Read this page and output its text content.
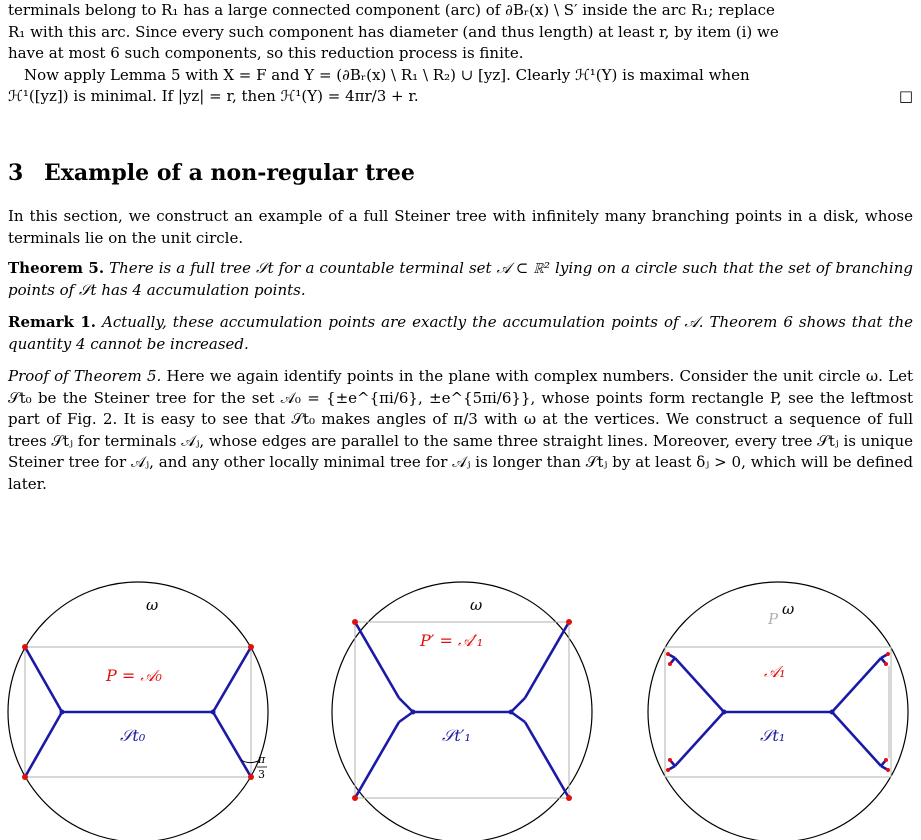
terminals belong to R₁ has a large connected component (arc) of ∂Bᵣ(x) \ S′ inside the arc R₁; replace

R₁ with this arc. Since every such component has diameter (and thus length) at least r, by item (i) we

have at most 6 such components, so this reduction process is finite.

Now apply Lemma 5 with X = F and Y = (∂Bᵣ(x) \ R₁ \ R₂) ∪ [yz]. Clearly ℋ¹(Y) is maximal when

ℋ¹([yz]) is minimal. If |yz| = r, then ℋ¹(Y) = 4πr/3 + r.	□

3 Example of a non-regular tree

In this section, we construct an example of a full Steiner tree with infinitely many branching points in a disk, whose terminals lie on the unit circle.

Theorem 5. There is a full tree 𝒮t for a countable terminal set 𝒜 ⊂ ℝ² lying on a circle such that the set of branching points of 𝒮t has 4 accumulation points.

Remark 1. Actually, these accumulation points are exactly the accumulation points of 𝒜. Theorem 6 shows that the quantity 4 cannot be increased.

Proof of Theorem 5. Here we again identify points in the plane with complex numbers. Consider the unit circle ω. Let 𝒮t₀ be the Steiner tree for the set 𝒜₀ = {±e^{πi/6}, ±e^{5πi/6}}, whose points form rectangle P, see the leftmost part of Fig. 2. It is easy to see that 𝒮t₀ makes angles of π/3 with ω at the vertices. We construct a sequence of full trees 𝒮tⱼ for terminals 𝒜ⱼ, whose edges are parallel to the same three straight lines. Moreover, every tree 𝒮tⱼ is unique Steiner tree for 𝒜ⱼ, and any other locally minimal tree for 𝒜ⱼ is longer than 𝒮tⱼ by at least δⱼ > 0, which will be defined later.

ω
P = 𝒜₀
𝒮t₀
π
3
ω
P′ = 𝒜′₁
𝒮t′₁
P
ω
𝒜₁
𝒮t₁
